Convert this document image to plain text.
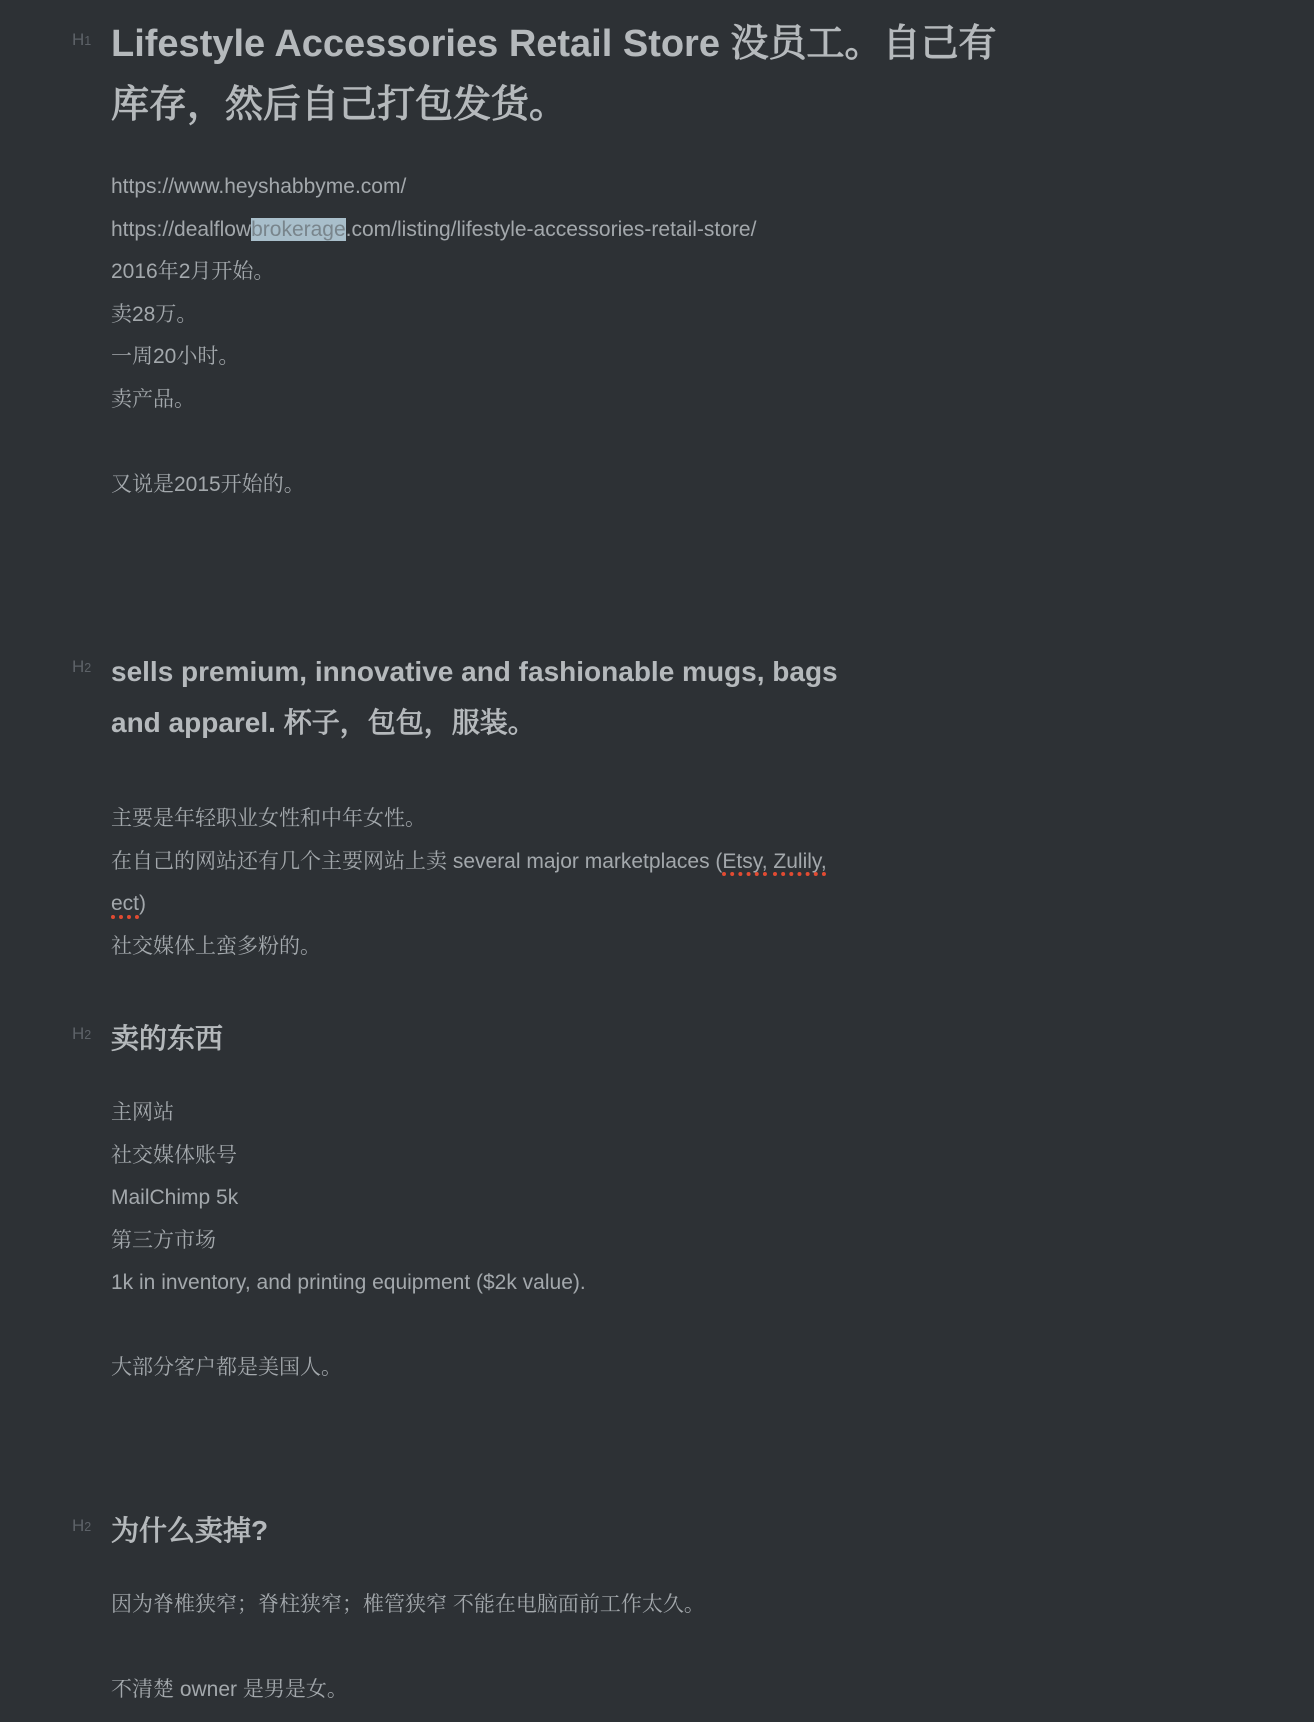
H1 Lifestyle Accessories Retail Store 没员工。自己有
库存，然后自己打包发货。

https://www.heyshabbyme.com/
https://dealflowbrokerage.com/listing/lifestyle-accessories-retail-store/
2016年2月开始。
卖28万。
一周20小时。
卖产品。

又说是2015开始的。

H2 sells premium, innovative and fashionable mugs, bags
and apparel. 杯子，包包，服装。

主要是年轻职业女性和中年女性。
在自己的网站还有几个主要网站上卖 several major marketplaces (Etsy, Zulily,
ect)
社交媒体上蛮多粉的。

H2 卖的东西

主网站
社交媒体账号
MailChimp 5k
第三方市场
1k in inventory, and printing equipment ($2k value).

大部分客户都是美国人。

H2 为什么卖掉?

因为脊椎狭窄；脊柱狭窄；椎管狭窄 不能在电脑面前工作太久。

不清楚 owner 是男是女。
